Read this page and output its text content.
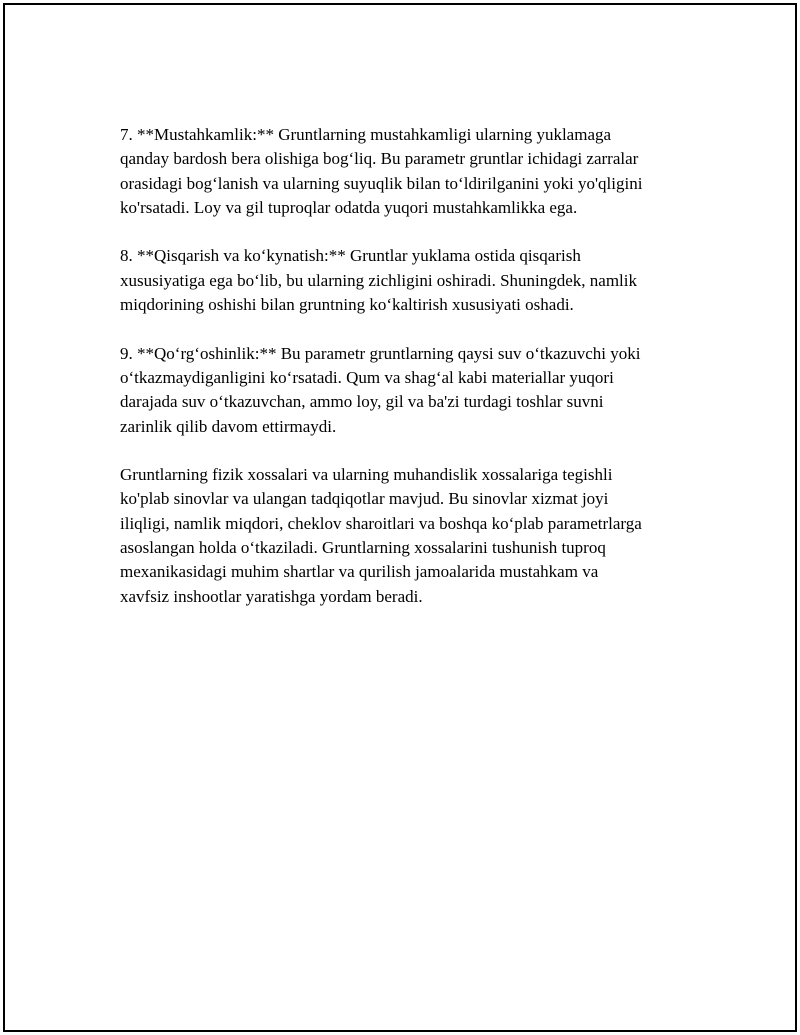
7. **Mustahkamlik:** Gruntlarning mustahkamligi ularning yuklamaga
qanday bardosh bera olishiga bog‘liq. Bu parametr gruntlar ichidagi zarralar
orasidagi bog‘lanish va ularning suyuqlik bilan to‘ldirilganini yoki yo'qligini
ko'rsatadi. Loy va gil tuproqlar odatda yuqori mustahkamlikka ega.

8. **Qisqarish va ko‘kynatish:** Gruntlar yuklama ostida qisqarish
xususiyatiga ega bo‘lib, bu ularning zichligini oshiradi. Shuningdek, namlik
miqdorining oshishi bilan gruntning ko‘kaltirish xususiyati oshadi.

9. **Qo‘rg‘oshinlik:** Bu parametr gruntlarning qaysi suv o‘tkazuvchi yoki
o‘tkazmaydiganligini ko‘rsatadi. Qum va shag‘al kabi materiallar yuqori
darajada suv o‘tkazuvchan, ammo loy, gil va ba'zi turdagi toshlar suvni
zarinlik qilib davom ettirmaydi.

Gruntlarning fizik xossalari va ularning muhandislik xossalariga tegishli
ko'plab sinovlar va ulangan tadqiqotlar mavjud. Bu sinovlar xizmat joyi
iliqligi, namlik miqdori, cheklov sharoitlari va boshqa ko‘plab parametrlarga
asoslangan holda o‘tkaziladi. Gruntlarning xossalarini tushunish tuproq
mexanikasidagi muhim shartlar va qurilish jamoalarida mustahkam va
xavfsiz inshootlar yaratishga yordam beradi.
